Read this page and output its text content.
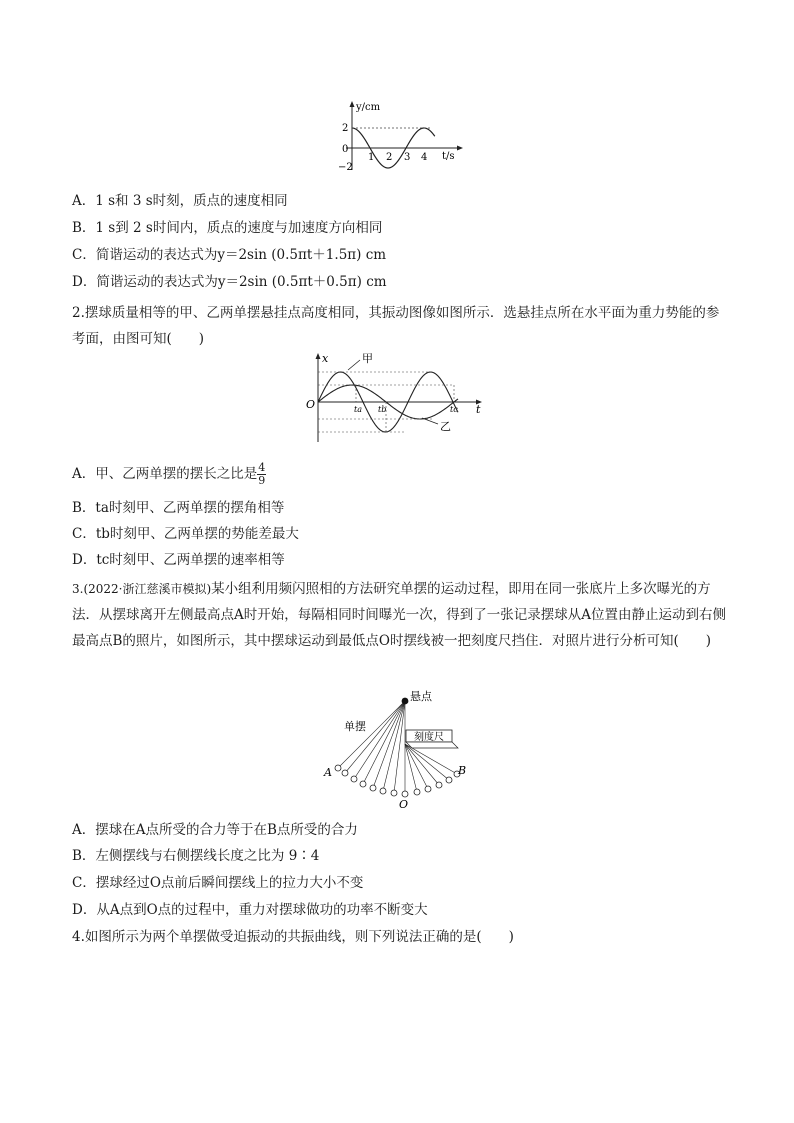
y/cm
t/s
2
0
−2
1 2 3 4
A．1 s和 3 s时刻，质点的速度相同
B．1 s到 2 s时间内，质点的速度与加速度方向相同
C．简谐运动的表达式为y＝2sin (0.5πt＋1.5π) cm
D．简谐运动的表达式为y＝2sin (0.5πt＋0.5π) cm
2.摆球质量相等的甲、乙两单摆悬挂点高度相同，其振动图像如图所示．选悬挂点所在水平面为重力势能的参考面，由图可知(　　)
x
t
O
甲
乙
ta tb	tc
A．甲、乙两单摆的摆长之比是 $\frac{4}{9}$
B．ta时刻甲、乙两单摆的摆角相等
C．tb时刻甲、乙两单摆的势能差最大
D．tc时刻甲、乙两单摆的速率相等
3.(2022·浙江慈溪市模拟)某小组利用频闪照相的方法研究单摆的运动过程，即用在同一张底片上多次曝光的方法．从摆球离开左侧最高点A时开始，每隔相同时间曝光一次，得到了一张记录摆球从A位置由静止运动到右侧最高点B的照片，如图所示，其中摆球运动到最低点O时摆线被一把刻度尺挡住．对照片进行分析可知(　　)
悬点
单摆
刻度尺
A	B
O
A．摆球在A点所受的合力等于在B点所受的合力
B．左侧摆线与右侧摆线长度之比为 9∶4
C．摆球经过O点前后瞬间摆线上的拉力大小不变
D．从A点到O点的过程中，重力对摆球做功的功率不断变大
4.如图所示为两个单摆做受迫振动的共振曲线，则下列说法正确的是(　　)
